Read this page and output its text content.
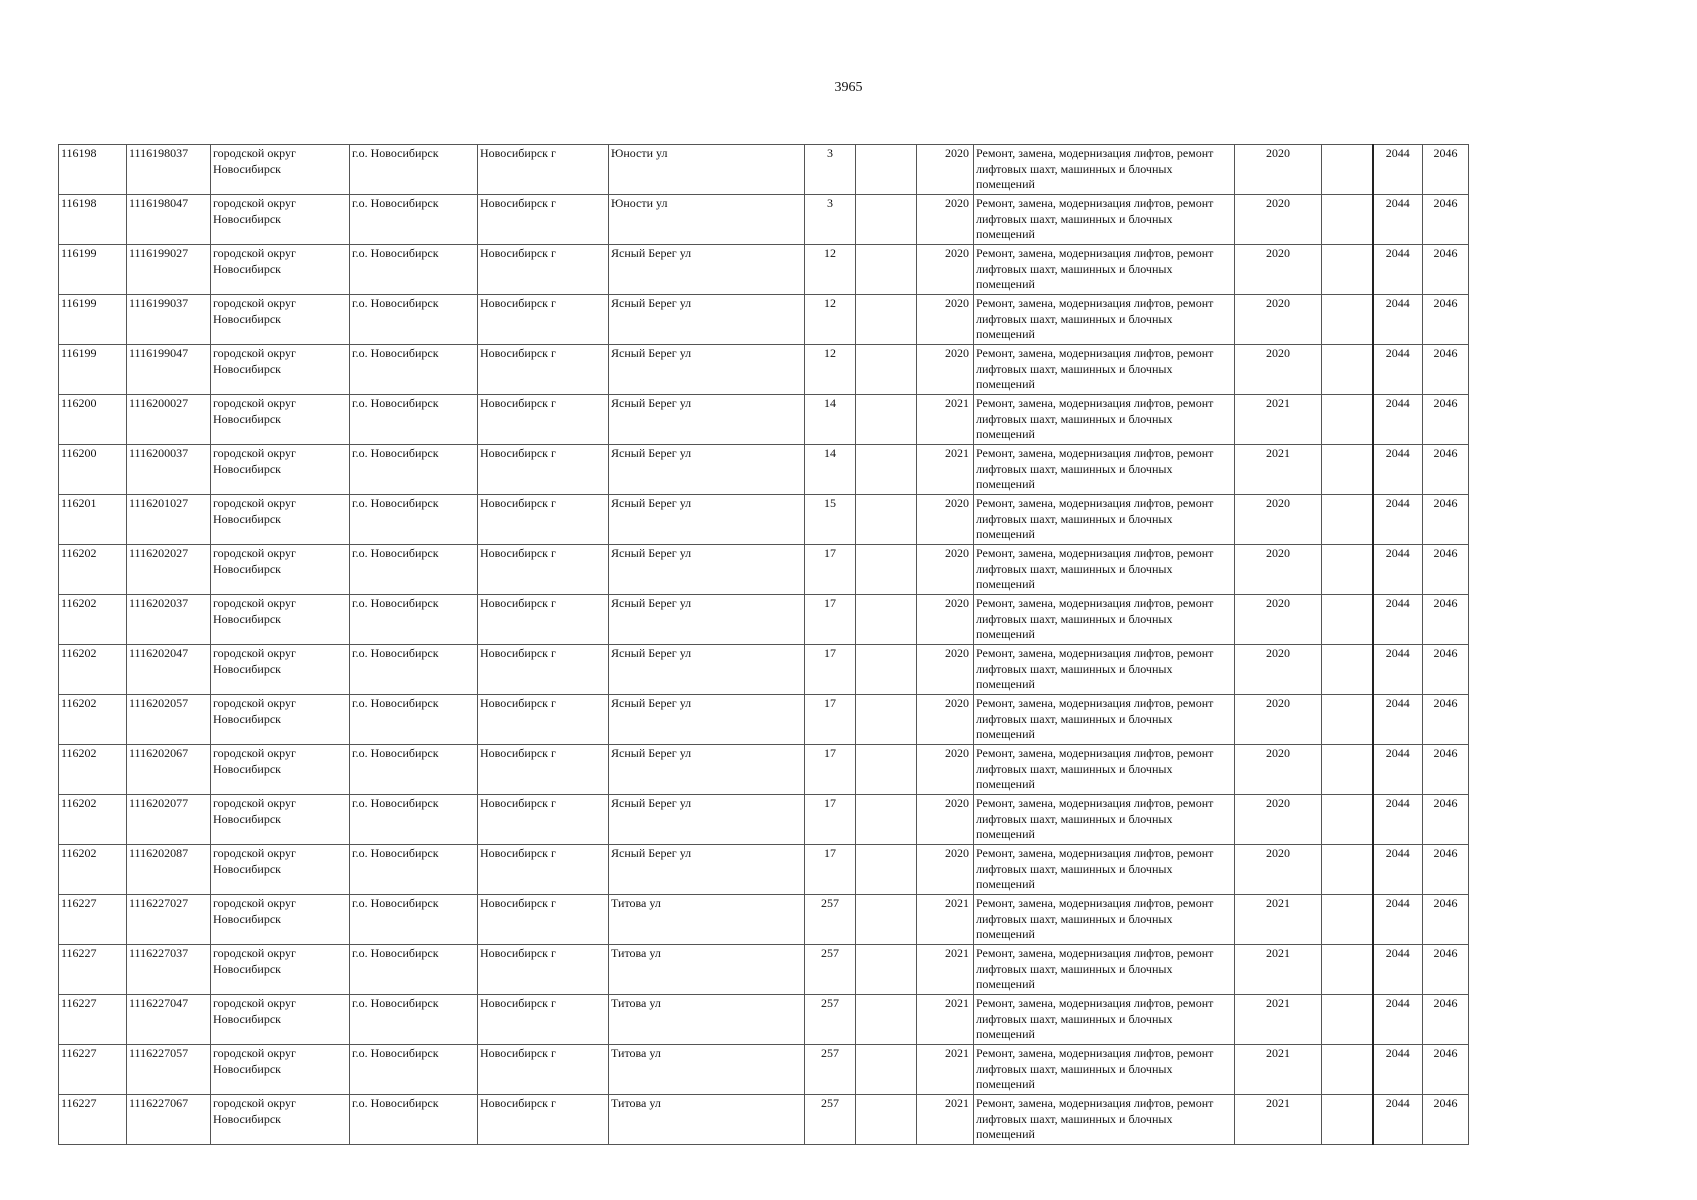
3965
116198	1116198037	городской округ Новосибирск	г.о. Новосибирск	Новосибирск г	Юности ул	3		2020	Ремонт, замена, модернизация лифтов, ремонт лифтовых шахт, машинных и блочных помещений	2020		2044	2046
116198	1116198047	городской округ Новосибирск	г.о. Новосибирск	Новосибирск г	Юности ул	3		2020	Ремонт, замена, модернизация лифтов, ремонт лифтовых шахт, машинных и блочных помещений	2020		2044	2046
116199	1116199027	городской округ Новосибирск	г.о. Новосибирск	Новосибирск г	Ясный Берег ул	12		2020	Ремонт, замена, модернизация лифтов, ремонт лифтовых шахт, машинных и блочных помещений	2020		2044	2046
116199	1116199037	городской округ Новосибирск	г.о. Новосибирск	Новосибирск г	Ясный Берег ул	12		2020	Ремонт, замена, модернизация лифтов, ремонт лифтовых шахт, машинных и блочных помещений	2020		2044	2046
116199	1116199047	городской округ Новосибирск	г.о. Новосибирск	Новосибирск г	Ясный Берег ул	12		2020	Ремонт, замена, модернизация лифтов, ремонт лифтовых шахт, машинных и блочных помещений	2020		2044	2046
116200	1116200027	городской округ Новосибирск	г.о. Новосибирск	Новосибирск г	Ясный Берег ул	14		2021	Ремонт, замена, модернизация лифтов, ремонт лифтовых шахт, машинных и блочных помещений	2021		2044	2046
116200	1116200037	городской округ Новосибирск	г.о. Новосибирск	Новосибирск г	Ясный Берег ул	14		2021	Ремонт, замена, модернизация лифтов, ремонт лифтовых шахт, машинных и блочных помещений	2021		2044	2046
116201	1116201027	городской округ Новосибирск	г.о. Новосибирск	Новосибирск г	Ясный Берег ул	15		2020	Ремонт, замена, модернизация лифтов, ремонт лифтовых шахт, машинных и блочных помещений	2020		2044	2046
116202	1116202027	городской округ Новосибирск	г.о. Новосибирск	Новосибирск г	Ясный Берег ул	17		2020	Ремонт, замена, модернизация лифтов, ремонт лифтовых шахт, машинных и блочных помещений	2020		2044	2046
116202	1116202037	городской округ Новосибирск	г.о. Новосибирск	Новосибирск г	Ясный Берег ул	17		2020	Ремонт, замена, модернизация лифтов, ремонт лифтовых шахт, машинных и блочных помещений	2020		2044	2046
116202	1116202047	городской округ Новосибирск	г.о. Новосибирск	Новосибирск г	Ясный Берег ул	17		2020	Ремонт, замена, модернизация лифтов, ремонт лифтовых шахт, машинных и блочных помещений	2020		2044	2046
116202	1116202057	городской округ Новосибирск	г.о. Новосибирск	Новосибирск г	Ясный Берег ул	17		2020	Ремонт, замена, модернизация лифтов, ремонт лифтовых шахт, машинных и блочных помещений	2020		2044	2046
116202	1116202067	городской округ Новосибирск	г.о. Новосибирск	Новосибирск г	Ясный Берег ул	17		2020	Ремонт, замена, модернизация лифтов, ремонт лифтовых шахт, машинных и блочных помещений	2020		2044	2046
116202	1116202077	городской округ Новосибирск	г.о. Новосибирск	Новосибирск г	Ясный Берег ул	17		2020	Ремонт, замена, модернизация лифтов, ремонт лифтовых шахт, машинных и блочных помещений	2020		2044	2046
116202	1116202087	городской округ Новосибирск	г.о. Новосибирск	Новосибирск г	Ясный Берег ул	17		2020	Ремонт, замена, модернизация лифтов, ремонт лифтовых шахт, машинных и блочных помещений	2020		2044	2046
116227	1116227027	городской округ Новосибирск	г.о. Новосибирск	Новосибирск г	Титова ул	257		2021	Ремонт, замена, модернизация лифтов, ремонт лифтовых шахт, машинных и блочных помещений	2021		2044	2046
116227	1116227037	городской округ Новосибирск	г.о. Новосибирск	Новосибирск г	Титова ул	257		2021	Ремонт, замена, модернизация лифтов, ремонт лифтовых шахт, машинных и блочных помещений	2021		2044	2046
116227	1116227047	городской округ Новосибирск	г.о. Новосибирск	Новосибирск г	Титова ул	257		2021	Ремонт, замена, модернизация лифтов, ремонт лифтовых шахт, машинных и блочных помещений	2021		2044	2046
116227	1116227057	городской округ Новосибирск	г.о. Новосибирск	Новосибирск г	Титова ул	257		2021	Ремонт, замена, модернизация лифтов, ремонт лифтовых шахт, машинных и блочных помещений	2021		2044	2046
116227	1116227067	городской округ Новосибирск	г.о. Новосибирск	Новосибирск г	Титова ул	257		2021	Ремонт, замена, модернизация лифтов, ремонт лифтовых шахт, машинных и блочных помещений	2021		2044	2046
